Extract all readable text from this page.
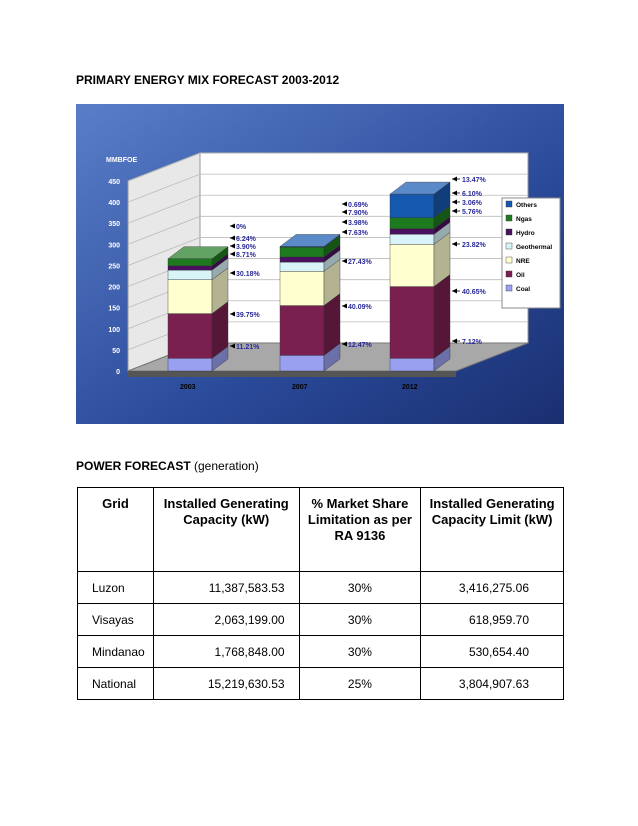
PRIMARY ENERGY MIX FORECAST 2003-2012
0
50
100
150
200
250
300
350
400
450
MMBFOE
2003	2007	2012
11.21%
39.75%
30.18%
8.71%
3.90%
6.24%
0%
12.47%
40.09%
27.43%
7.63%
3.98%
7.90%
0.69%
7.12%
40.65%
23.82%
5.76%
3.06%
6.10%
13.47%
Others
Ngas
Hydro
Geothermal
NRE
Oil
Coal
POWER FORECAST (generation)
Grid	Installed Generating Capacity (kW)	% Market Share Limitation as per RA 9136	Installed Generating Capacity Limit (kW)
Luzon	11,387,583.53	30%	3,416,275.06
Visayas	2,063,199.00	30%	618,959.70
Mindanao	1,768,848.00	30%	530,654.40
National	15,219,630.53	25%	3,804,907.63
